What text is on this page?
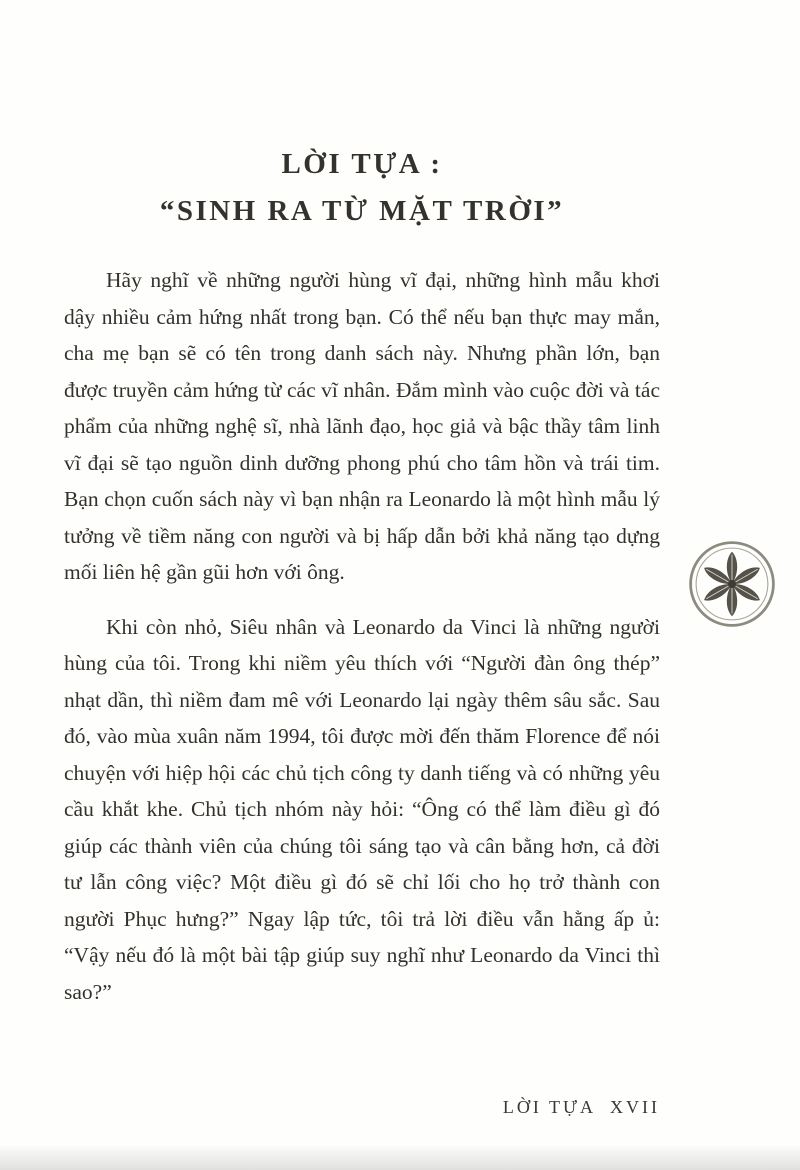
LỜI TỰA :
“SINH RA TỪ MẶT TRỜI”

Hãy nghĩ về những người hùng vĩ đại, những hình mẫu khơi dậy nhiều cảm hứng nhất trong bạn. Có thể nếu bạn thực may mắn, cha mẹ bạn sẽ có tên trong danh sách này. Nhưng phần lớn, bạn được truyền cảm hứng từ các vĩ nhân. Đắm mình vào cuộc đời và tác phẩm của những nghệ sĩ, nhà lãnh đạo, học giả và bậc thầy tâm linh vĩ đại sẽ tạo nguồn dinh dưỡng phong phú cho tâm hồn và trái tim. Bạn chọn cuốn sách này vì bạn nhận ra Leonardo là một hình mẫu lý tưởng về tiềm năng con người và bị hấp dẫn bởi khả năng tạo dựng mối liên hệ gần gũi hơn với ông.

Khi còn nhỏ, Siêu nhân và Leonardo da Vinci là những người hùng của tôi. Trong khi niềm yêu thích với “Người đàn ông thép” nhạt dần, thì niềm đam mê với Leonardo lại ngày thêm sâu sắc. Sau đó, vào mùa xuân năm 1994, tôi được mời đến thăm Florence để nói chuyện với hiệp hội các chủ tịch công ty danh tiếng và có những yêu cầu khắt khe. Chủ tịch nhóm này hỏi: “Ông có thể làm điều gì đó giúp các thành viên của chúng tôi sáng tạo và cân bằng hơn, cả đời tư lẫn công việc? Một điều gì đó sẽ chỉ lối cho họ trở thành con người Phục hưng?” Ngay lập tức, tôi trả lời điều vẫn hằng ấp ủ: “Vậy nếu đó là một bài tập giúp suy nghĩ như Leonardo da Vinci thì sao?”

LỜI TỰA  XVII
